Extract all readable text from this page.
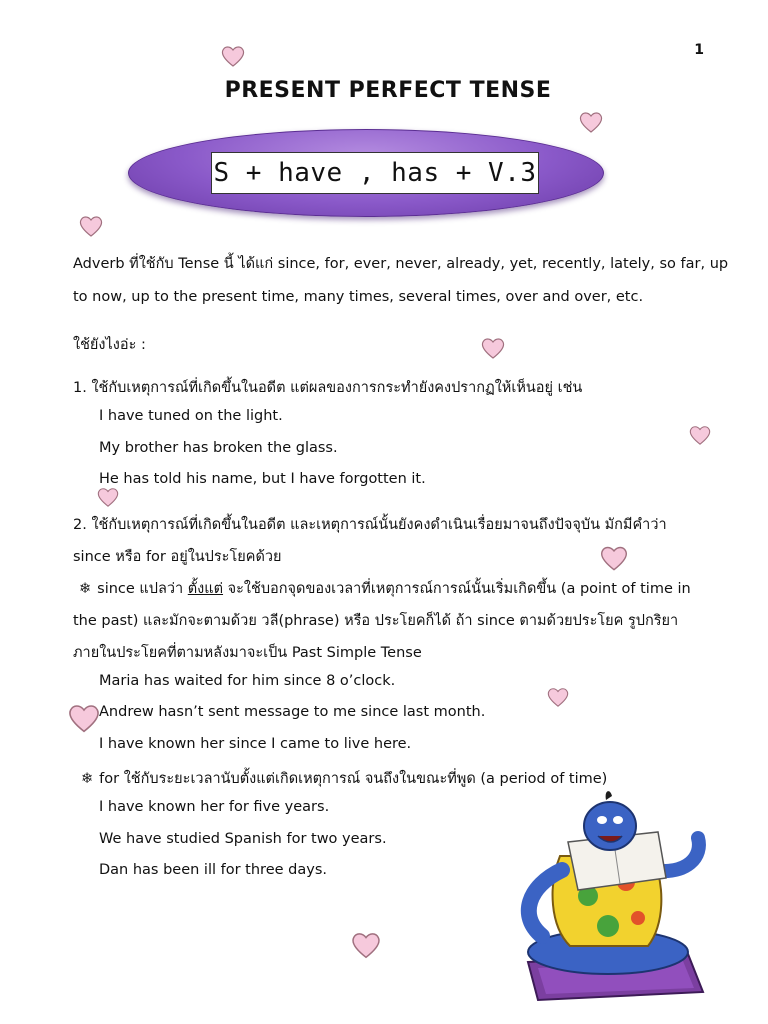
1
PRESENT PERFECT TENSE
S + have , has + V.3
Adverb ที่ใช้กับ Tense นี้ ได้แก่ since, for, ever, never, already, yet, recently, lately, so far, up
to now, up to the present time, many times, several times, over and over, etc.
ใช้ยังไงอ่ะ :
1. ใช้กับเหตุการณ์ที่เกิดขึ้นในอดีต แต่ผลของการกระทำยังคงปรากฏให้เห็นอยู่ เช่น
I have tuned on the light.
My brother has broken the glass.
He has told his name, but I have forgotten it.
2. ใช้กับเหตุการณ์ที่เกิดขึ้นในอดีต และเหตุการณ์นั้นยังคงดำเนินเรื่อยมาจนถึงปัจจุบัน มักมีคำว่า
since หรือ for อยู่ในประโยคด้วย
❄ since แปลว่า ตั้งแต่ จะใช้บอกจุดของเวลาที่เหตุการณ์การณ์นั้นเริ่มเกิดขึ้น (a point of time in
the past) และมักจะตามด้วย วลี(phrase) หรือ ประโยคก็ได้ ถ้า since ตามด้วยประโยค รูปกริยา
ภายในประโยคที่ตามหลังมาจะเป็น Past Simple Tense
Maria has waited for him since 8 o’clock.
Andrew hasn’t sent message to me since last month.
I have known her since I came to live here.
❄ for ใช้กับระยะเวลานับตั้งแต่เกิดเหตุการณ์ จนถึงในขณะที่พูด (a period of time)
I have known her for five years.
We have studied Spanish for two years.
Dan has been ill for three days.
